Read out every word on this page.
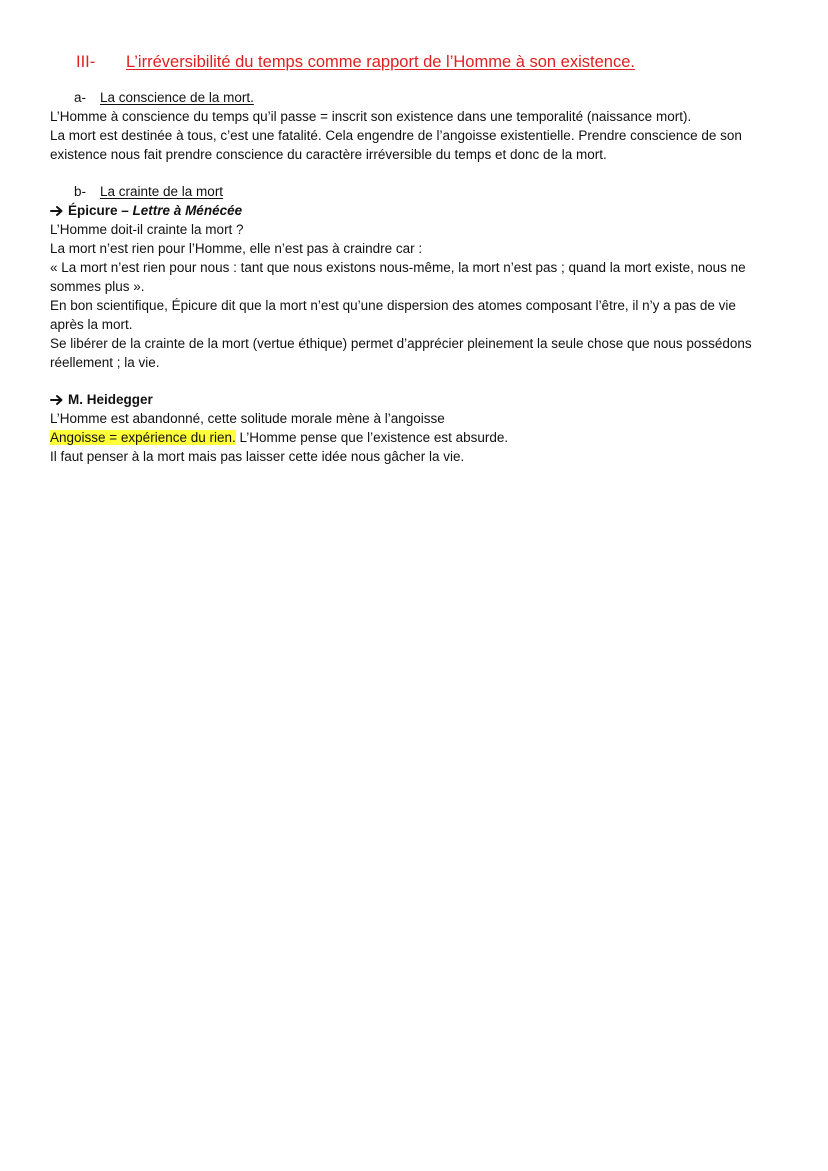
III-	L’irréversibilité du temps comme rapport de l’Homme à son existence.
a-	La conscience de la mort.

L’Homme à conscience du temps qu’il passe = inscrit son existence dans une temporalité (naissance mort).

La mort est destinée à tous, c’est une fatalité. Cela engendre de l’angoisse existentielle. Prendre conscience de son existence nous fait prendre conscience du caractère irréversible du temps et donc de la mort.

b-	La crainte de la mort
Épicure – Lettre à Ménécée

L’Homme doit-il crainte la mort ?

La mort n’est rien pour l’Homme, elle n’est pas à craindre car :

« La mort n’est rien pour nous : tant que nous existons nous-même, la mort n’est pas ; quand la mort existe, nous ne sommes plus ».

En bon scientifique, Épicure dit que la mort n’est qu’une dispersion des atomes composant l’être, il n’y a pas de vie après la mort.

Se libérer de la crainte de la mort (vertue éthique) permet d’apprécier pleinement la seule chose que nous possédons réellement ; la vie.

M. Heidegger

L’Homme est abandonné, cette solitude morale mène à l’angoisse

Angoisse = expérience du rien. L’Homme pense que l’existence est absurde.

Il faut penser à la mort mais pas laisser cette idée nous gâcher la vie.
